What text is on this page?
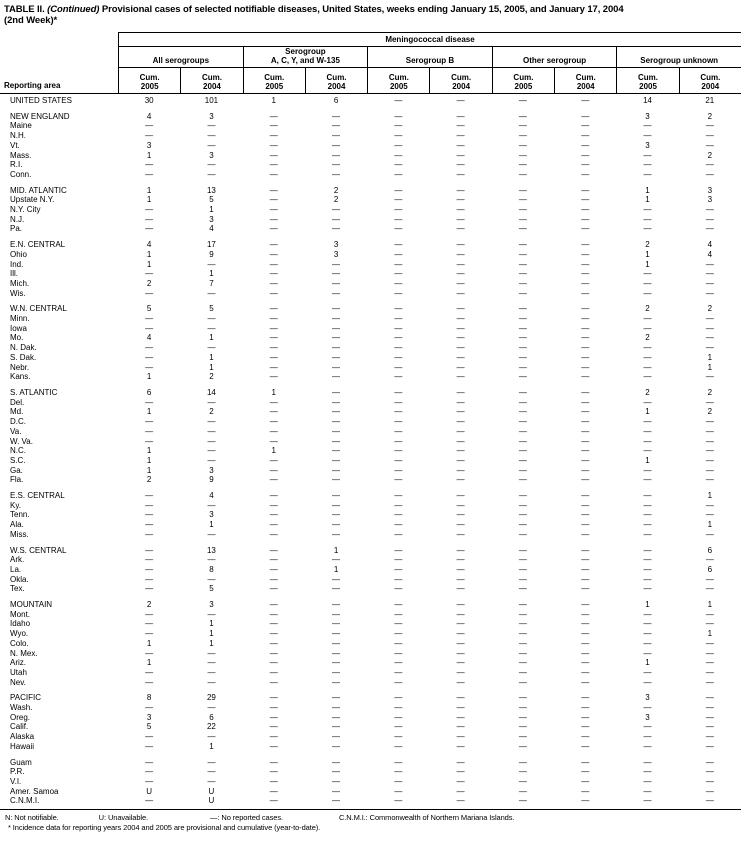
TABLE II. (Continued) Provisional cases of selected notifiable diseases, United States, weeks ending January 15, 2005, and January 17, 2004
(2nd Week)*
Reporting area
Meningococcal disease
All serogroups
Serogroup
A, C, Y, and W-135	Serogroup B	Other serogroup	Serogroup unknown
Cum.
2005
Cum.
2004
Cum.
2005
Cum.
2004
Cum.
2005
Cum.
2004
Cum.
2005
Cum.
2004
Cum.
2005
Cum.
2004
UNITED STATES	30	101	1	6	—	—	—	—	14	21
NEW ENGLAND	4	3	—	—	—	—	—	—	3	2
Maine	—	—	—	—	—	—	—	—	—	—
N.H.	—	—	—	—	—	—	—	—	—	—
Vt.	3	—	—	—	—	—	—	—	3	—
Mass.	1	3	—	—	—	—	—	—	—	2
R.I.	—	—	—	—	—	—	—	—	—	—
Conn.	—	—	—	—	—	—	—	—	—	—
MID. ATLANTIC	1	13	—	2	—	—	—	—	1	3
Upstate N.Y.	1	5	—	2	—	—	—	—	1	3
N.Y. City	—	1	—	—	—	—	—	—	—	—
N.J.	—	3	—	—	—	—	—	—	—	—
Pa.	—	4	—	—	—	—	—	—	—	—
E.N. CENTRAL	4	17	—	3	—	—	—	—	2	4
Ohio	1	9	—	3	—	—	—	—	1	4
Ind.	1	—	—	—	—	—	—	—	1	—
Ill.	—	1	—	—	—	—	—	—	—	—
Mich.	2	7	—	—	—	—	—	—	—	—
Wis.	—	—	—	—	—	—	—	—	—	—
W.N. CENTRAL	5	5	—	—	—	—	—	—	2	2
Minn.	—	—	—	—	—	—	—	—	—	—
Iowa	—	—	—	—	—	—	—	—	—	—
Mo.	4	1	—	—	—	—	—	—	2	—
N. Dak.	—	—	—	—	—	—	—	—	—	—
S. Dak.	—	1	—	—	—	—	—	—	—	1
Nebr.	—	1	—	—	—	—	—	—	—	1
Kans.	1	2	—	—	—	—	—	—	—	—
S. ATLANTIC	6	14	1	—	—	—	—	—	2	2
Del.	—	—	—	—	—	—	—	—	—	—
Md.	1	2	—	—	—	—	—	—	1	2
D.C.	—	—	—	—	—	—	—	—	—	—
Va.	—	—	—	—	—	—	—	—	—	—
W. Va.	—	—	—	—	—	—	—	—	—	—
N.C.	1	—	1	—	—	—	—	—	—	—
S.C.	1	—	—	—	—	—	—	—	1	—
Ga.	1	3	—	—	—	—	—	—	—	—
Fla.	2	9	—	—	—	—	—	—	—	—
E.S. CENTRAL	—	4	—	—	—	—	—	—	—	1
Ky.	—	—	—	—	—	—	—	—	—	—
Tenn.	—	3	—	—	—	—	—	—	—	—
Ala.	—	1	—	—	—	—	—	—	—	1
Miss.	—	—	—	—	—	—	—	—	—	—
W.S. CENTRAL	—	13	—	1	—	—	—	—	—	6
Ark.	—	—	—	—	—	—	—	—	—	—
La.	—	8	—	1	—	—	—	—	—	6
Okla.	—	—	—	—	—	—	—	—	—	—
Tex.	—	5	—	—	—	—	—	—	—	—
MOUNTAIN	2	3	—	—	—	—	—	—	1	1
Mont.	—	—	—	—	—	—	—	—	—	—
Idaho	—	1	—	—	—	—	—	—	—	—
Wyo.	—	1	—	—	—	—	—	—	—	1
Colo.	1	1	—	—	—	—	—	—	—	—
N. Mex.	—	—	—	—	—	—	—	—	—	—
Ariz.	1	—	—	—	—	—	—	—	1	—
Utah	—	—	—	—	—	—	—	—	—	—
Nev.	—	—	—	—	—	—	—	—	—	—
PACIFIC	8	29	—	—	—	—	—	—	3	—
Wash.	—	—	—	—	—	—	—	—	—	—
Oreg.	3	6	—	—	—	—	—	—	3	—
Calif.	5	22	—	—	—	—	—	—	—	—
Alaska	—	—	—	—	—	—	—	—	—	—
Hawaii	—	1	—	—	—	—	—	—	—	—
Guam	—	—	—	—	—	—	—	—	—	—
P.R.	—	—	—	—	—	—	—	—	—	—
V.I.	—	—	—	—	—	—	—	—	—	—
Amer. Samoa	U	U	—	—	—	—	—	—	—	—
C.N.M.I.	—	U	—	—	—	—	—	—	—	—
N: Not notifiable.	U: Unavailable.	—: No reported cases.	C.N.M.I.: Commonwealth of Northern Mariana Islands.
* Incidence data for reporting years 2004 and 2005 are provisional and cumulative (year-to-date).
